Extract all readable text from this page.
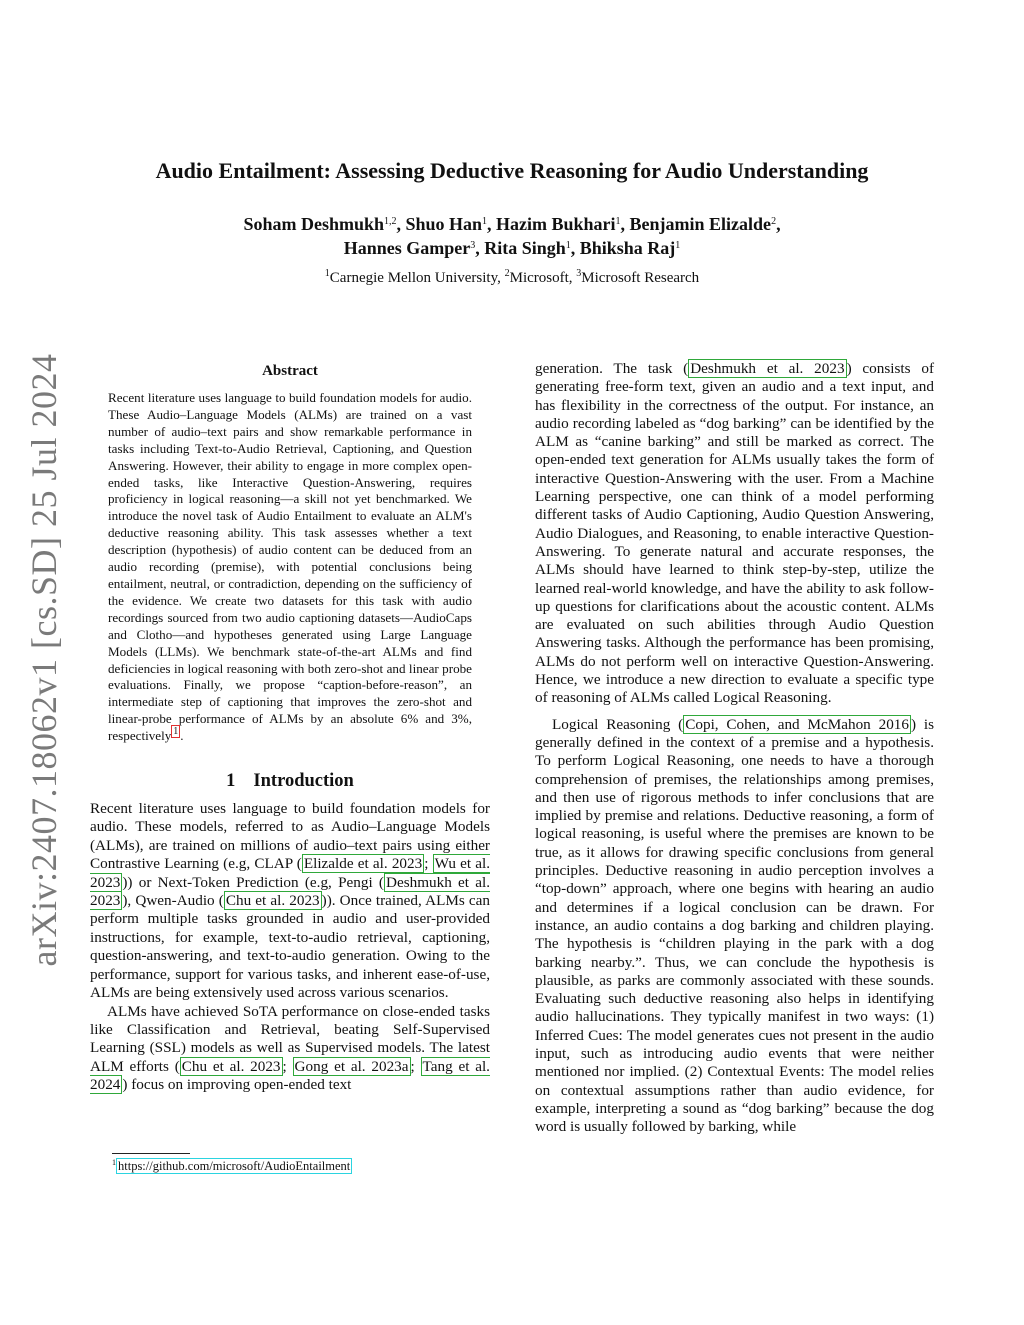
arXiv:2407.18062v1 [cs.SD] 25 Jul 2024
Audio Entailment: Assessing Deductive Reasoning for Audio Understanding
Soham Deshmukh$^{1,2}$, Shuo Han$^1$, Hazim Bukhari$^1$, Benjamin Elizalde$^2$,
Hannes Gamper$^3$, Rita Singh$^1$, Bhiksha Raj$^1$
$^1$Carnegie Mellon University, $^2$Microsoft, $^3$Microsoft Research
Abstract
Recent literature uses language to build foundation models for audio. These Audio–Language Models (ALMs) are trained on a vast number of audio–text pairs and show remarkable performance in tasks including Text-to-Audio Retrieval, Captioning, and Question Answering. However, their ability to engage in more complex open-ended tasks, like Interactive Question-Answering, requires proficiency in logical reasoning—a skill not yet benchmarked. We introduce the novel task of Audio Entailment to evaluate an ALM's deductive reasoning ability. This task assesses whether a text description (hypothesis) of audio content can be deduced from an audio recording (premise), with potential conclusions being entailment, neutral, or contradiction, depending on the sufficiency of the evidence. We create two datasets for this task with audio recordings sourced from two audio captioning datasets—AudioCaps and Clotho—and hypotheses generated using Large Language Models (LLMs). We benchmark state-of-the-art ALMs and find deficiencies in logical reasoning with both zero-shot and linear probe evaluations. Finally, we propose “caption-before-reason”, an intermediate step of captioning that improves the zero-shot and linear-probe performance of ALMs by an absolute 6% and 3%, respectively $^1$ .
1 Introduction

Recent literature uses language to build foundation models for audio. These models, referred to as Audio–Language Models (ALMs), are trained on millions of audio–text pairs using either Contrastive Learning (e.g, CLAP ( Elizalde et al. 2023 ; Wu et al. 2023 )) or Next-Token Prediction (e.g, Pengi ( Deshmukh et al. 2023 ), Qwen-Audio ( Chu et al. 2023 )). Once trained, ALMs can perform multiple tasks grounded in audio and user-provided instructions, for example, text-to-audio retrieval, captioning, question-answering, and text-to-audio generation. Owing to the performance, support for various tasks, and inherent ease-of-use, ALMs are being extensively used across various scenarios.

ALMs have achieved SoTA performance on close-ended tasks like Classification and Retrieval, beating Self-Supervised Learning (SSL) models as well as Supervised models. The latest ALM efforts ( Chu et al. 2023 ; Gong et al. 2023a ; Tang et al. 2024 ) focus on improving open-ended text

$^1$ https://github.com/microsoft/AudioEntailment

generation. The task ( Deshmukh et al. 2023 ) consists of generating free-form text, given an audio and a text input, and has flexibility in the correctness of the output. For instance, an audio recording labeled as “dog barking” can be identified by the ALM as “canine barking” and still be marked as correct. The open-ended text generation for ALMs usually takes the form of interactive Question-Answering with the user. From a Machine Learning perspective, one can think of a model performing different tasks of Audio Captioning, Audio Question Answering, Audio Dialogues, and Reasoning, to enable interactive Question-Answering. To generate natural and accurate responses, the ALMs should have learned to think step-by-step, utilize the learned real-world knowledge, and have the ability to ask follow-up questions for clarifications about the acoustic content. ALMs are evaluated on such abilities through Audio Question Answering tasks. Although the performance has been promising, ALMs do not perform well on interactive Question-Answering. Hence, we introduce a new direction to evaluate a specific type of reasoning of ALMs called Logical Reasoning.

Logical Reasoning ( Copi, Cohen, and McMahon 2016 ) is generally defined in the context of a premise and a hypothesis. To perform Logical Reasoning, one needs to have a thorough comprehension of premises, the relationships among premises, and then use of rigorous methods to infer conclusions that are implied by premise and relations. Deductive reasoning, a form of logical reasoning, is useful where the premises are known to be true, as it allows for drawing specific conclusions from general principles. Deductive reasoning in audio perception involves a “top-down” approach, where one begins with hearing an audio and determines if a logical conclusion can be drawn. For instance, an audio contains a dog barking and children playing. The hypothesis is “children playing in the park with a dog barking nearby.”. Thus, we can conclude the hypothesis is plausible, as parks are commonly associated with these sounds. Evaluating such deductive reasoning also helps in identifying audio hallucinations. They typically manifest in two ways: (1) Inferred Cues: The model generates cues not present in the audio input, such as introducing audio events that were neither mentioned nor implied. (2) Contextual Events: The model relies on contextual assumptions rather than audio evidence, for example, interpreting a sound as “dog barking” because the dog word is usually followed by barking, while
